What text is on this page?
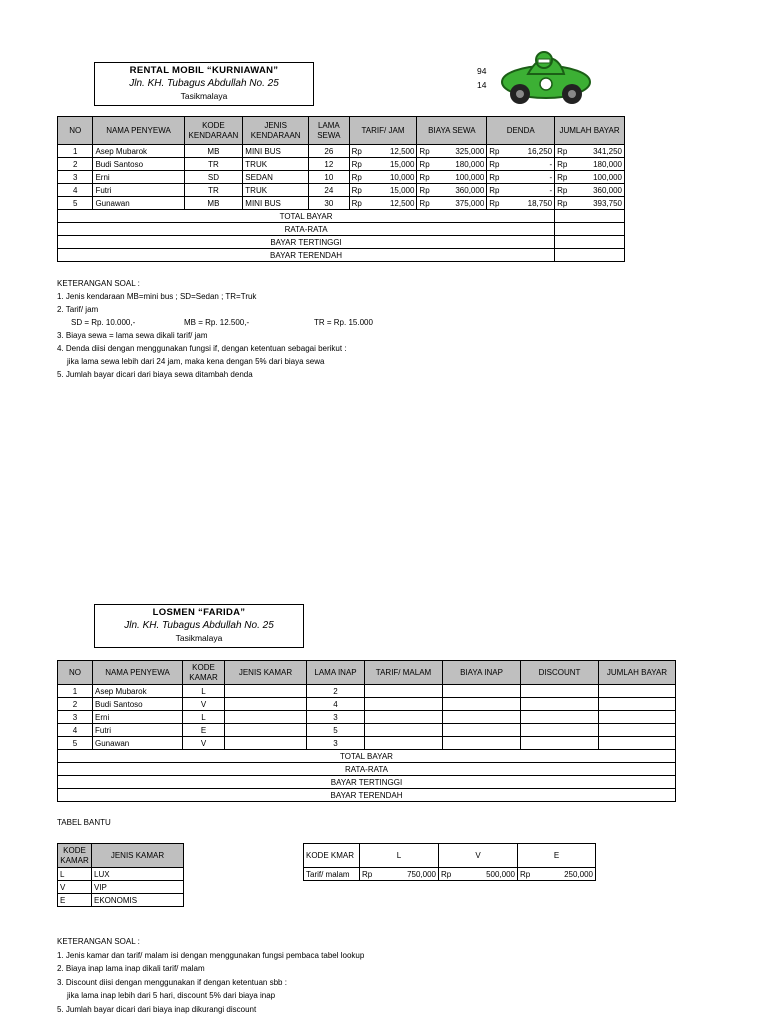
RENTAL MOBIL “KURNIAWAN”
Jln. KH. Tubagus Abdullah No. 25
Tasikmalaya
94
14
NO	NAMA PENYEWA	KODE KENDARAAN	JENIS KENDARAAN	LAMA SEWA	TARIF/ JAM	BIAYA SEWA	DENDA	JUMLAH BAYAR
1	Asep Mubarok	MB	MINI BUS	26	Rp 12,500	Rp 325,000	Rp 16,250	Rp 341,250

2	Budi Santoso	TR	TRUK	12	Rp 15,000	Rp 180,000	Rp -	Rp 180,000

3	Erni	SD	SEDAN	10	Rp 10,000	Rp 100,000	Rp -	Rp 100,000

4	Futri	TR	TRUK	24	Rp 15,000	Rp 360,000	Rp -	Rp 360,000

5	Gunawan	MB	MINI BUS	30	Rp 12,500	Rp 375,000	Rp 18,750	Rp 393,750

TOTAL BAYAR								
RATA-RATA								
BAYAR TERTINGGI								
BAYAR TERENDAH								
KETERANGAN SOAL :
1. Jenis kendaraan MB=mini bus ; SD=Sedan ; TR=Truk
2. Tarif/ jam
SD = Rp. 10.000,-	MB = Rp. 12.500,-	TR = Rp. 15.000
3. Biaya sewa = lama sewa dikali tarif/ jam
4. Denda diisi dengan menggunakan fungsi if, dengan ketentuan sebagai berikut :
jika lama sewa lebih dari 24 jam, maka kena dengan 5% dari biaya sewa
5. Jumlah bayar dicari dari biaya sewa ditambah denda
LOSMEN “FARIDA”
Jln. KH. Tubagus Abdullah No. 25
Tasikmalaya
NO	NAMA PENYEWA	KODE KAMAR	JENIS KAMAR	LAMA INAP	TARIF/ MALAM	BIAYA INAP	DISCOUNT	JUMLAH BAYAR
1	Asep Mubarok	L		2				
2	Budi Santoso	V		4				
3	Erni	L		3				
4	Futri	E		5				
5	Gunawan	V		3				
TOTAL BAYAR								
RATA-RATA								
BAYAR TERTINGGI								
BAYAR TERENDAH								
TABEL BANTU
KODE KAMAR	JENIS KAMAR
L	LUX
V	VIP
E	EKONOMIS
KODE KMAR	L	V	E
Tarif/ malam	Rp 750,000	Rp 500,000	Rp 250,000
KETERANGAN SOAL :
1. Jenis kamar dan tarif/ malam isi dengan menggunakan fungsi pembaca tabel lookup
2. Biaya inap lama inap dikali tarif/ malam
3. Discount diisi dengan menggunakan if dengan ketentuan sbb :
jika lama inap lebih dari 5 hari, discount 5% dari biaya inap
5. Jumlah bayar dicari dari biaya inap dikurangi discount
